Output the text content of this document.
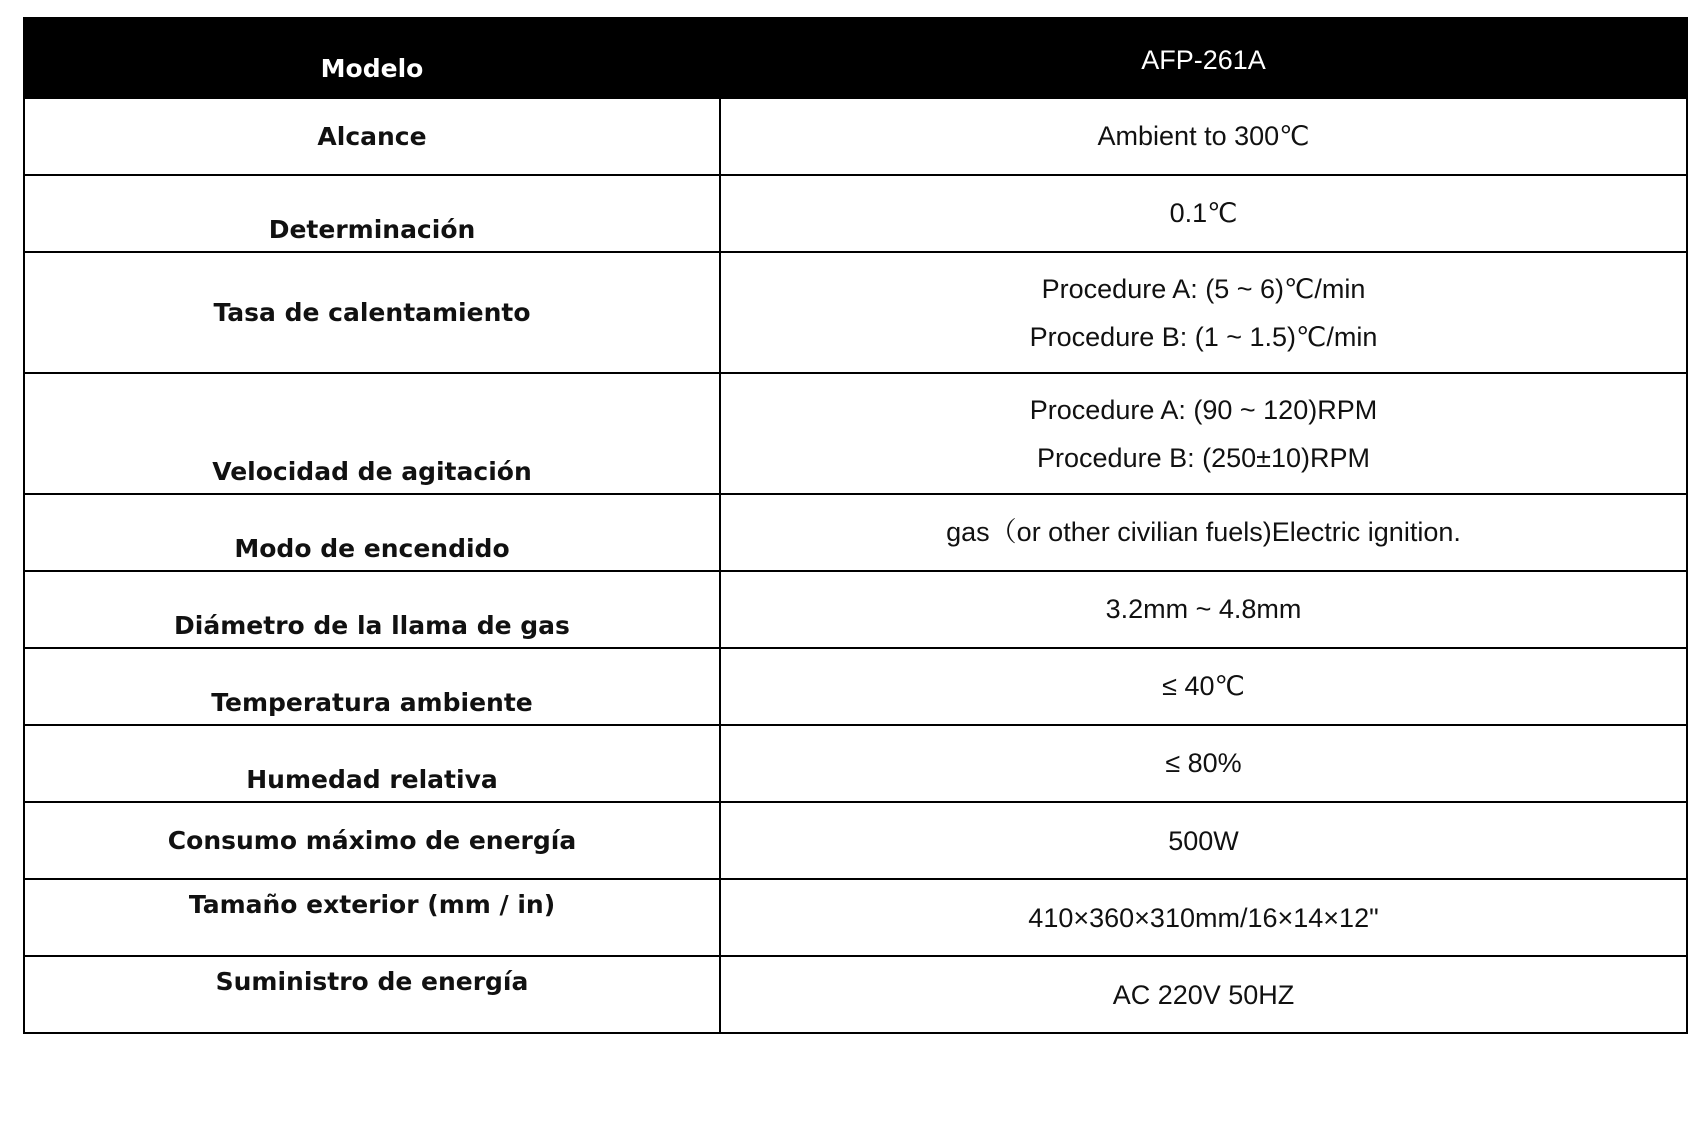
Modelo	AFP-261A
Alcance	Ambient to 300℃

Determinación	0.1℃

Tasa de calentamiento	Procedure A: (5 ~ 6)℃/min
Procedure B: (1 ~ 1.5)℃/min

Velocidad de agitación	Procedure A: (90 ~ 120)RPM
Procedure B: (250±10)RPM

Modo de encendido	gas（or other civilian fuels)Electric ignition.

Diámetro de la llama de gas	3.2mm ~ 4.8mm

Temperatura ambiente	≤ 40℃

Humedad relativa	≤ 80%

Consumo máximo de energía	500W

Tamaño exterior (mm / in)	410×360×310mm/16×14×12"

Suministro de energía	AC 220V 50HZ
